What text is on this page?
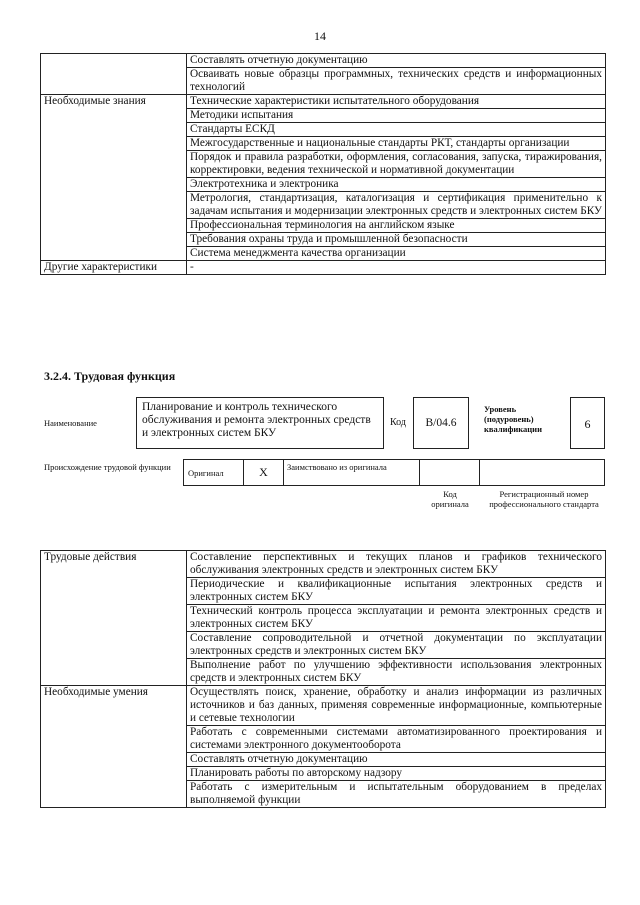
14
	Составлять отчетную документацию
	Осваивать новые образцы программных, технических средств и информационных технологий
Необходимые знания	Технические характеристики испытательного оборудования
	Методики испытания
	Стандарты ЕСКД
	Межгосударственные и национальные стандарты РКТ, стандарты организации
	Порядок и правила разработки, оформления, согласования, запуска, тиражирования, корректировки, ведения технической и нормативной документации
	Электротехника и электроника
	Метрология, стандартизация, каталогизация и сертификация применительно к задачам испытания и модернизации электронных средств и электронных систем БКУ
	Профессиональная терминология на английском языке
	Требования охраны труда и промышленной безопасности
	Система менеджмента качества организации
Другие характеристики	-
3.2.4. Трудовая функция
Наименование
Планирование и контроль технического обслуживания и ремонта электронных средств и электронных систем БКУ
Код	В/04.6
Уровень (подуровень) квалификации	6
Происхождение трудовой функции
Оригинал	X	Заимствовано из оригинала
Код оригинала
Регистрационный номер профессионального стандарта
Трудовые действия	Составление перспективных и текущих планов и графиков технического обслуживания электронных средств и электронных систем БКУ
	Периодические и квалификационные испытания электронных средств и электронных систем БКУ
	Технический контроль процесса эксплуатации и ремонта электронных средств и электронных систем БКУ
	Составление сопроводительной и отчетной документации по эксплуатации электронных средств и электронных систем БКУ
	Выполнение работ по улучшению эффективности использования электронных средств и электронных систем БКУ
Необходимые умения	Осуществлять поиск, хранение, обработку и анализ информации из различных источников и баз данных, применяя современные информационные, компьютерные и сетевые технологии
	Работать с современными системами автоматизированного проектирования и системами электронного документооборота
	Составлять отчетную документацию
	Планировать работы по авторскому надзору
	Работать с измерительным и испытательным оборудованием в пределах выполняемой функции
